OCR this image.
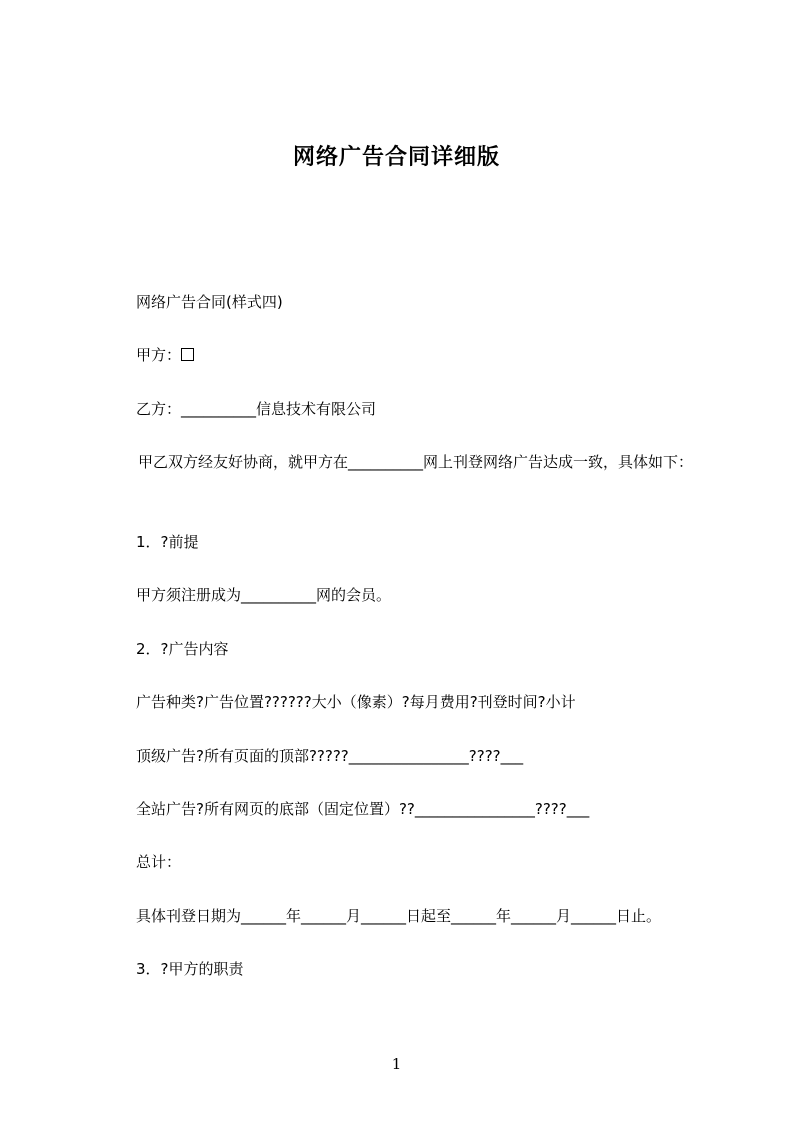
网络广告合同详细版
网络广告合同(样式四)
甲方：
乙方：__________信息技术有限公司
甲乙双方经友好协商，就甲方在__________网上刊登网络广告达成一致，具体如下：
1．?前提
甲方须注册成为__________网的会员。
2．?广告内容
广告种类?广告位置??????大小（像素）?每月费用?刊登时间?小计
顶级广告?所有页面的顶部?????________________????___
全站广告?所有网页的底部（固定位置）??________________????___
总计：
具体刊登日期为______年______月______日起至______年______月______日止。
3．?甲方的职责
1
